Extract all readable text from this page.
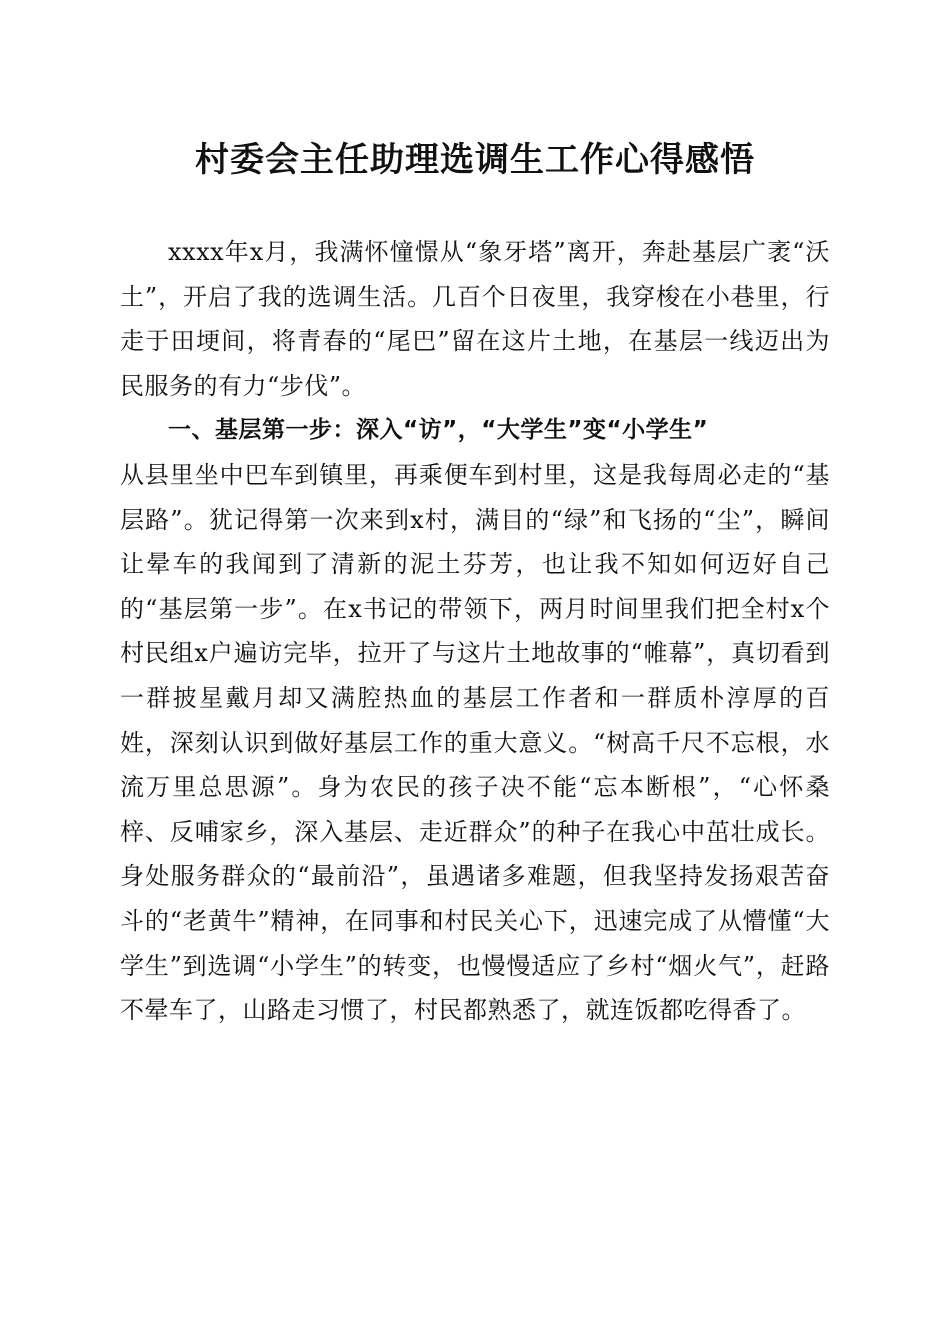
村委会主任助理选调生工作心得感悟

xxxx年x月，我满怀憧憬从“象牙塔”离开，奔赴基层广袤“沃土”，开启了我的选调生活。几百个日夜里，我穿梭在小巷里，行走于田埂间，将青春的“尾巴”留在这片土地，在基层一线迈出为民服务的有力“步伐”。

一、基层第一步：深入“访”，“大学生”变“小学生”

从县里坐中巴车到镇里，再乘便车到村里，这是我每周必走的“基层路”。犹记得第一次来到x村，满目的“绿”和飞扬的“尘”，瞬间让晕车的我闻到了清新的泥土芬芳，也让我不知如何迈好自己的“基层第一步”。在x书记的带领下，两月时间里我们把全村x个村民组x户遍访完毕，拉开了与这片土地故事的“帷幕”，真切看到一群披星戴月却又满腔热血的基层工作者和一群质朴淳厚的百姓，深刻认识到做好基层工作的重大意义。“树高千尺不忘根，水流万里总思源”。身为农民的孩子决不能“忘本断根”，“心怀桑梓、反哺家乡，深入基层、走近群众”的种子在我心中茁壮成长。身处服务群众的“最前沿”，虽遇诸多难题，但我坚持发扬艰苦奋斗的“老黄牛”精神，在同事和村民关心下，迅速完成了从懵懂“大学生”到选调“小学生”的转变，也慢慢适应了乡村“烟火气”，赶路不晕车了，山路走习惯了，村民都熟悉了，就连饭都吃得香了。
